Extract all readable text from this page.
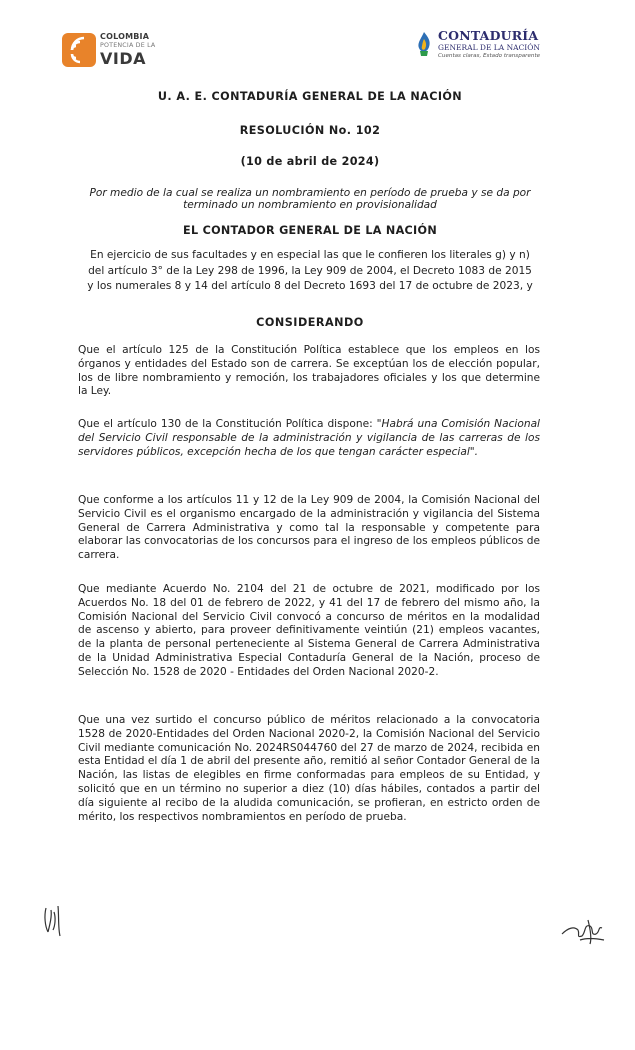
COLOMBIA
POTENCIA DE LA
VIDA
CONTADURÍA
GENERAL DE LA NACIÓN
Cuentas claras, Estado transparente
U. A. E. CONTADURÍA GENERAL DE LA NACIÓN
RESOLUCIÓN No. 102
(10 de abril de 2024)
Por medio de la cual se realiza un nombramiento en período de prueba y se da por terminado un nombramiento en provisionalidad
EL CONTADOR GENERAL DE LA NACIÓN
En ejercicio de sus facultades y en especial las que le confieren los literales g) y n) del artículo 3° de la Ley 298 de 1996, la Ley 909 de 2004, el Decreto 1083 de 2015 y los numerales 8 y 14 del artículo 8 del Decreto 1693 del 17 de octubre de 2023, y
CONSIDERANDO

Que el artículo 125 de la Constitución Política establece que los empleos en los órganos y entidades del Estado son de carrera. Se exceptúan los de elección popular, los de libre nombramiento y remoción, los trabajadores oficiales y los que determine la Ley.

Que el artículo 130 de la Constitución Política dispone: "Habrá una Comisión Nacional del Servicio Civil responsable de la administración y vigilancia de las carreras de los servidores públicos, excepción hecha de los que tengan carácter especial".

Que conforme a los artículos 11 y 12 de la Ley 909 de 2004, la Comisión Nacional del Servicio Civil es el organismo encargado de la administración y vigilancia del Sistema General de Carrera Administrativa y como tal la responsable y competente para elaborar las convocatorias de los concursos para el ingreso de los empleos públicos de carrera.

Que mediante Acuerdo No. 2104 del 21 de octubre de 2021, modificado por los Acuerdos No. 18 del 01 de febrero de 2022, y 41 del 17 de febrero del mismo año, la Comisión Nacional del Servicio Civil convocó a concurso de méritos en la modalidad de ascenso y abierto, para proveer definitivamente veintiún (21) empleos vacantes, de la planta de personal perteneciente al Sistema General de Carrera Administrativa de la Unidad Administrativa Especial Contaduría General de la Nación, proceso de Selección No. 1528 de 2020 - Entidades del Orden Nacional 2020-2.

Que una vez surtido el concurso público de méritos relacionado a la convocatoria 1528 de 2020-Entidades del Orden Nacional 2020-2, la Comisión Nacional del Servicio Civil mediante comunicación No. 2024RS044760 del 27 de marzo de 2024, recibida en esta Entidad el día 1 de abril del presente año, remitió al señor Contador General de la Nación, las listas de elegibles en firme conformadas para empleos de su Entidad, y solicitó que en un término no superior a diez (10) días hábiles, contados a partir del día siguiente al recibo de la aludida comunicación, se profieran, en estricto orden de mérito, los respectivos nombramientos en período de prueba.
